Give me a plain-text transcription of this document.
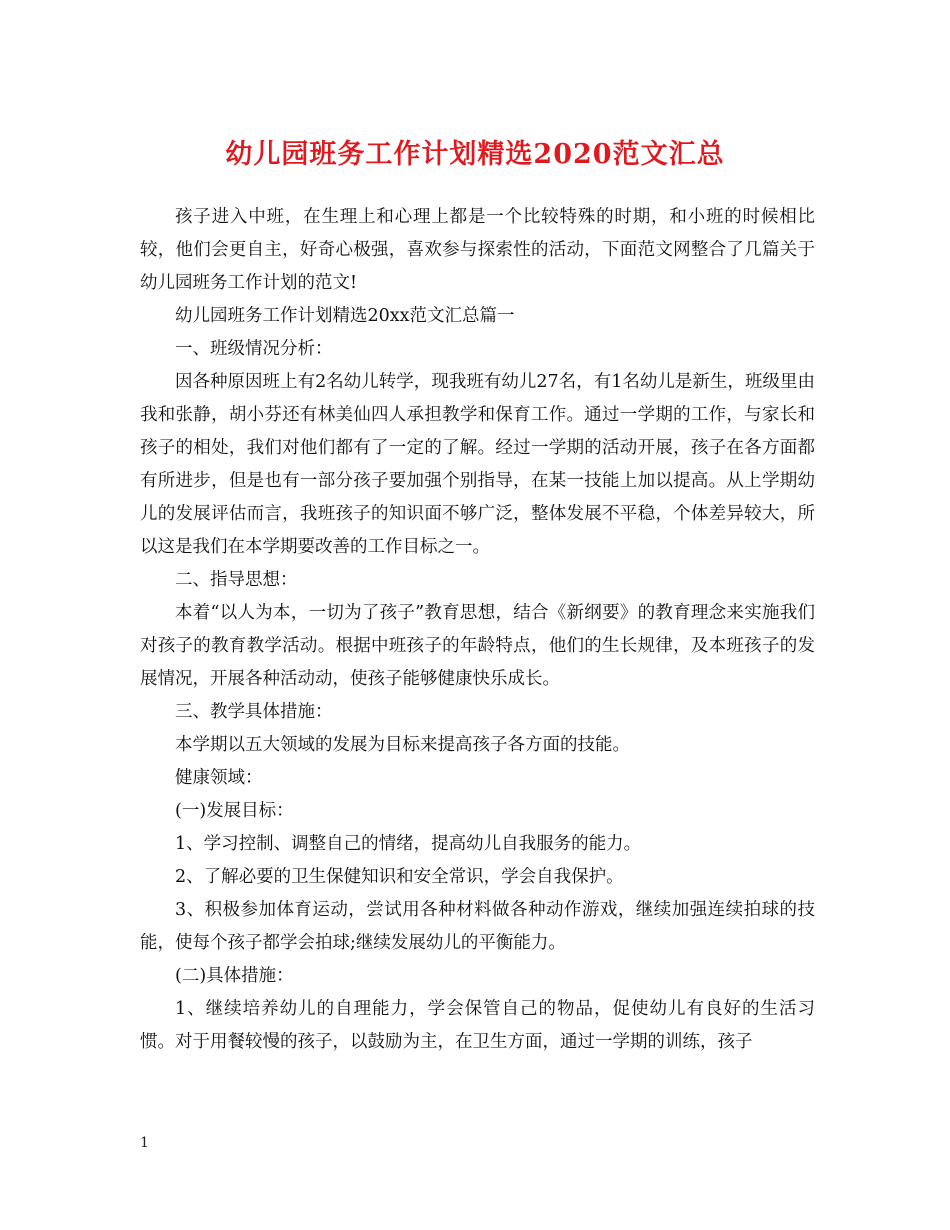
幼儿园班务工作计划精选2020范文汇总

孩子进入中班，在生理上和心理上都是一个比较特殊的时期，和小班的时候相比较，他们会更自主，好奇心极强，喜欢参与探索性的活动，下面范文网整合了几篇关于幼儿园班务工作计划的范文!

幼儿园班务工作计划精选20xx范文汇总篇一

一、班级情况分析：

因各种原因班上有2名幼儿转学，现我班有幼儿27名，有1名幼儿是新生，班级里由我和张静，胡小芬还有林美仙四人承担教学和保育工作。通过一学期的工作，与家长和孩子的相处，我们对他们都有了一定的了解。经过一学期的活动开展，孩子在各方面都有所进步，但是也有一部分孩子要加强个别指导，在某一技能上加以提高。从上学期幼儿的发展评估而言，我班孩子的知识面不够广泛，整体发展不平稳，个体差异较大，所以这是我们在本学期要改善的工作目标之一。

二、指导思想：

本着“以人为本，一切为了孩子”教育思想，结合《新纲要》的教育理念来实施我们对孩子的教育教学活动。根据中班孩子的年龄特点，他们的生长规律，及本班孩子的发展情况，开展各种活动动，使孩子能够健康快乐成长。

三、教学具体措施：

本学期以五大领域的发展为目标来提高孩子各方面的技能。

健康领域：

(一)发展目标：

1、学习控制、调整自己的情绪，提高幼儿自我服务的能力。

2、了解必要的卫生保健知识和安全常识，学会自我保护。

3、积极参加体育运动，尝试用各种材料做各种动作游戏，继续加强连续拍球的技能，使每个孩子都学会拍球;继续发展幼儿的平衡能力。

(二)具体措施：

1、继续培养幼儿的自理能力，学会保管自己的物品，促使幼儿有良好的生活习惯。对于用餐较慢的孩子，以鼓励为主，在卫生方面，通过一学期的训练，孩子

1
